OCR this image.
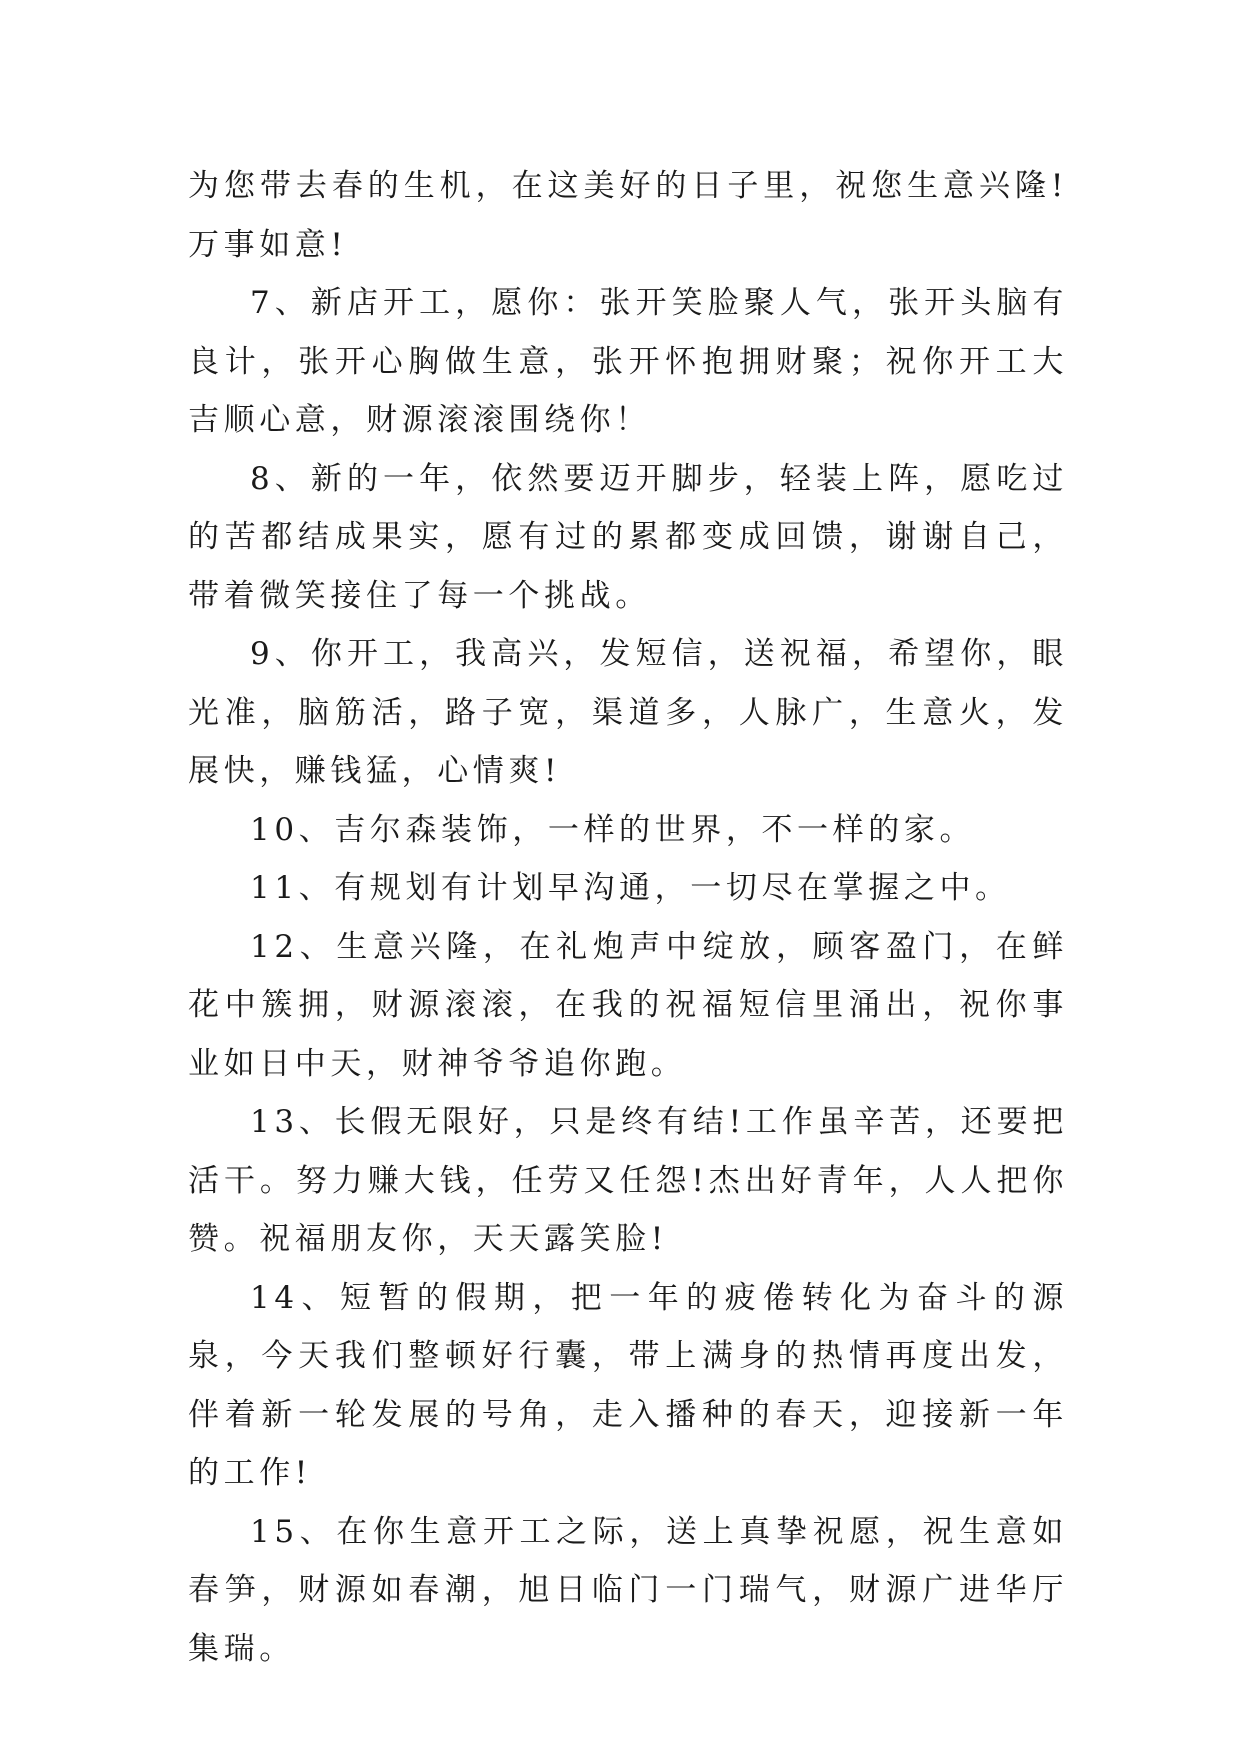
为您带去春的生机，在这美好的日子里，祝您生意兴隆!万事如意!

7、新店开工，愿你：张开笑脸聚人气，张开头脑有良计，张开心胸做生意，张开怀抱拥财聚；祝你开工大吉顺心意，财源滚滚围绕你！

8、新的一年，依然要迈开脚步，轻装上阵，愿吃过的苦都结成果实，愿有过的累都变成回馈，谢谢自己，带着微笑接住了每一个挑战。

9、你开工，我高兴，发短信，送祝福，希望你，眼光准，脑筋活，路子宽，渠道多，人脉广，生意火，发展快，赚钱猛，心情爽!

10、吉尔森装饰，一样的世界，不一样的家。

11、有规划有计划早沟通，一切尽在掌握之中。

12、生意兴隆，在礼炮声中绽放，顾客盈门，在鲜花中簇拥，财源滚滚，在我的祝福短信里涌出，祝你事业如日中天，财神爷爷追你跑。

13、长假无限好，只是终有结!工作虽辛苦，还要把活干。努力赚大钱，任劳又任怨!杰出好青年，人人把你赞。祝福朋友你，天天露笑脸!

14、短暂的假期，把一年的疲倦转化为奋斗的源泉，今天我们整顿好行囊，带上满身的热情再度出发，伴着新一轮发展的号角，走入播种的春天，迎接新一年的工作!

15、在你生意开工之际，送上真挚祝愿，祝生意如春笋，财源如春潮，旭日临门一门瑞气，财源广进华厅集瑞。
